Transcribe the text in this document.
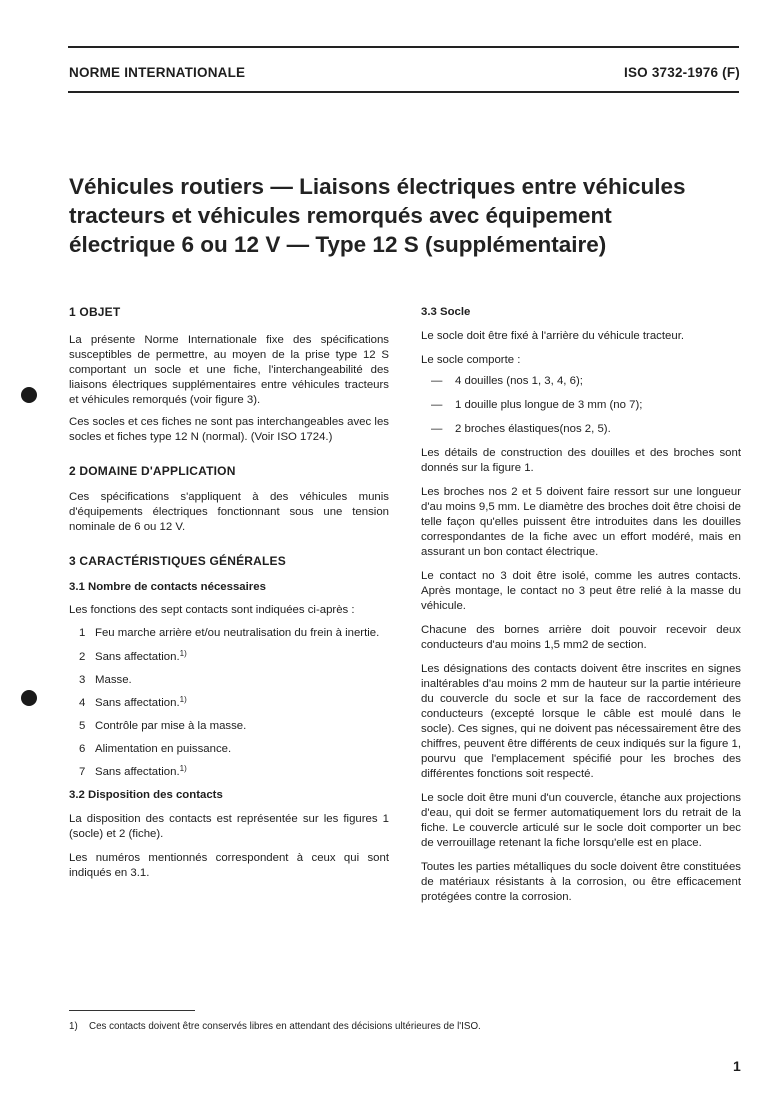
NORME INTERNATIONALE	ISO 3732-1976 (F)
Véhicules routiers — Liaisons électriques entre véhicules
tracteurs et véhicules remorqués avec équipement
électrique 6 ou 12 V — Type 12 S (supplémentaire)

1 OBJET

La présente Norme Internationale fixe des spécifications susceptibles de permettre, au moyen de la prise type 12 S comportant un socle et une fiche, l'interchangeabilité des liaisons électriques supplémentaires entre véhicules tracteurs et véhicules remorqués (voir figure 3).

Ces socles et ces fiches ne sont pas interchangeables avec les socles et fiches type 12 N (normal). (Voir ISO 1724.)

2 DOMAINE D'APPLICATION

Ces spécifications s'appliquent à des véhicules munis d'équipements électriques fonctionnant sous une tension nominale de 6 ou 12 V.

3 CARACTÉRISTIQUES GÉNÉRALES

3.1 Nombre de contacts nécessaires

Les fonctions des sept contacts sont indiquées ci-après :

1 Feu marche arrière et/ou neutralisation du frein à inertie.
2 Sans affectation.$^{1)}$
3 Masse.
4 Sans affectation.$^{1)}$
5 Contrôle par mise à la masse.
6 Alimentation en puissance.
7 Sans affectation.$^{1)}$

3.2 Disposition des contacts

La disposition des contacts est représentée sur les figures 1 (socle) et 2 (fiche).

Les numéros mentionnés correspondent à ceux qui sont indiqués en 3.1.

3.3 Socle

Le socle doit être fixé à l'arrière du véhicule tracteur.

Le socle comporte :

— 4 douilles (nos 1, 3, 4, 6);
— 1 douille plus longue de 3 mm (no 7);
— 2 broches élastiques(nos 2, 5).

Les détails de construction des douilles et des broches sont donnés sur la figure 1.

Les broches nos 2 et 5 doivent faire ressort sur une longueur d'au moins 9,5 mm. Le diamètre des broches doit être choisi de telle façon qu'elles puissent être introduites dans les douilles correspondantes de la fiche avec un effort modéré, mais en assurant un bon contact électrique.

Le contact no 3 doit être isolé, comme les autres contacts. Après montage, le contact no 3 peut être relié à la masse du véhicule.

Chacune des bornes arrière doit pouvoir recevoir deux conducteurs d'au moins 1,5 mm2 de section.

Les désignations des contacts doivent être inscrites en signes inaltérables d'au moins 2 mm de hauteur sur la partie intérieure du couvercle du socle et sur la face de raccordement des conducteurs (excepté lorsque le câble est moulé dans le socle). Ces signes, qui ne doivent pas nécessairement être des chiffres, peuvent être différents de ceux indiqués sur la figure 1, pourvu que l'emplacement spécifié pour les broches des différentes fonctions soit respecté.

Le socle doit être muni d'un couvercle, étanche aux projections d'eau, qui doit se fermer automatiquement lors du retrait de la fiche. Le couvercle articulé sur le socle doit comporter un bec de verrouillage retenant la fiche lorsqu'elle est en place.

Toutes les parties métalliques du socle doivent être constituées de matériaux résistants à la corrosion, ou être efficacement protégées contre la corrosion.

1) Ces contacts doivent être conservés libres en attendant des décisions ultérieures de l'ISO.
1
